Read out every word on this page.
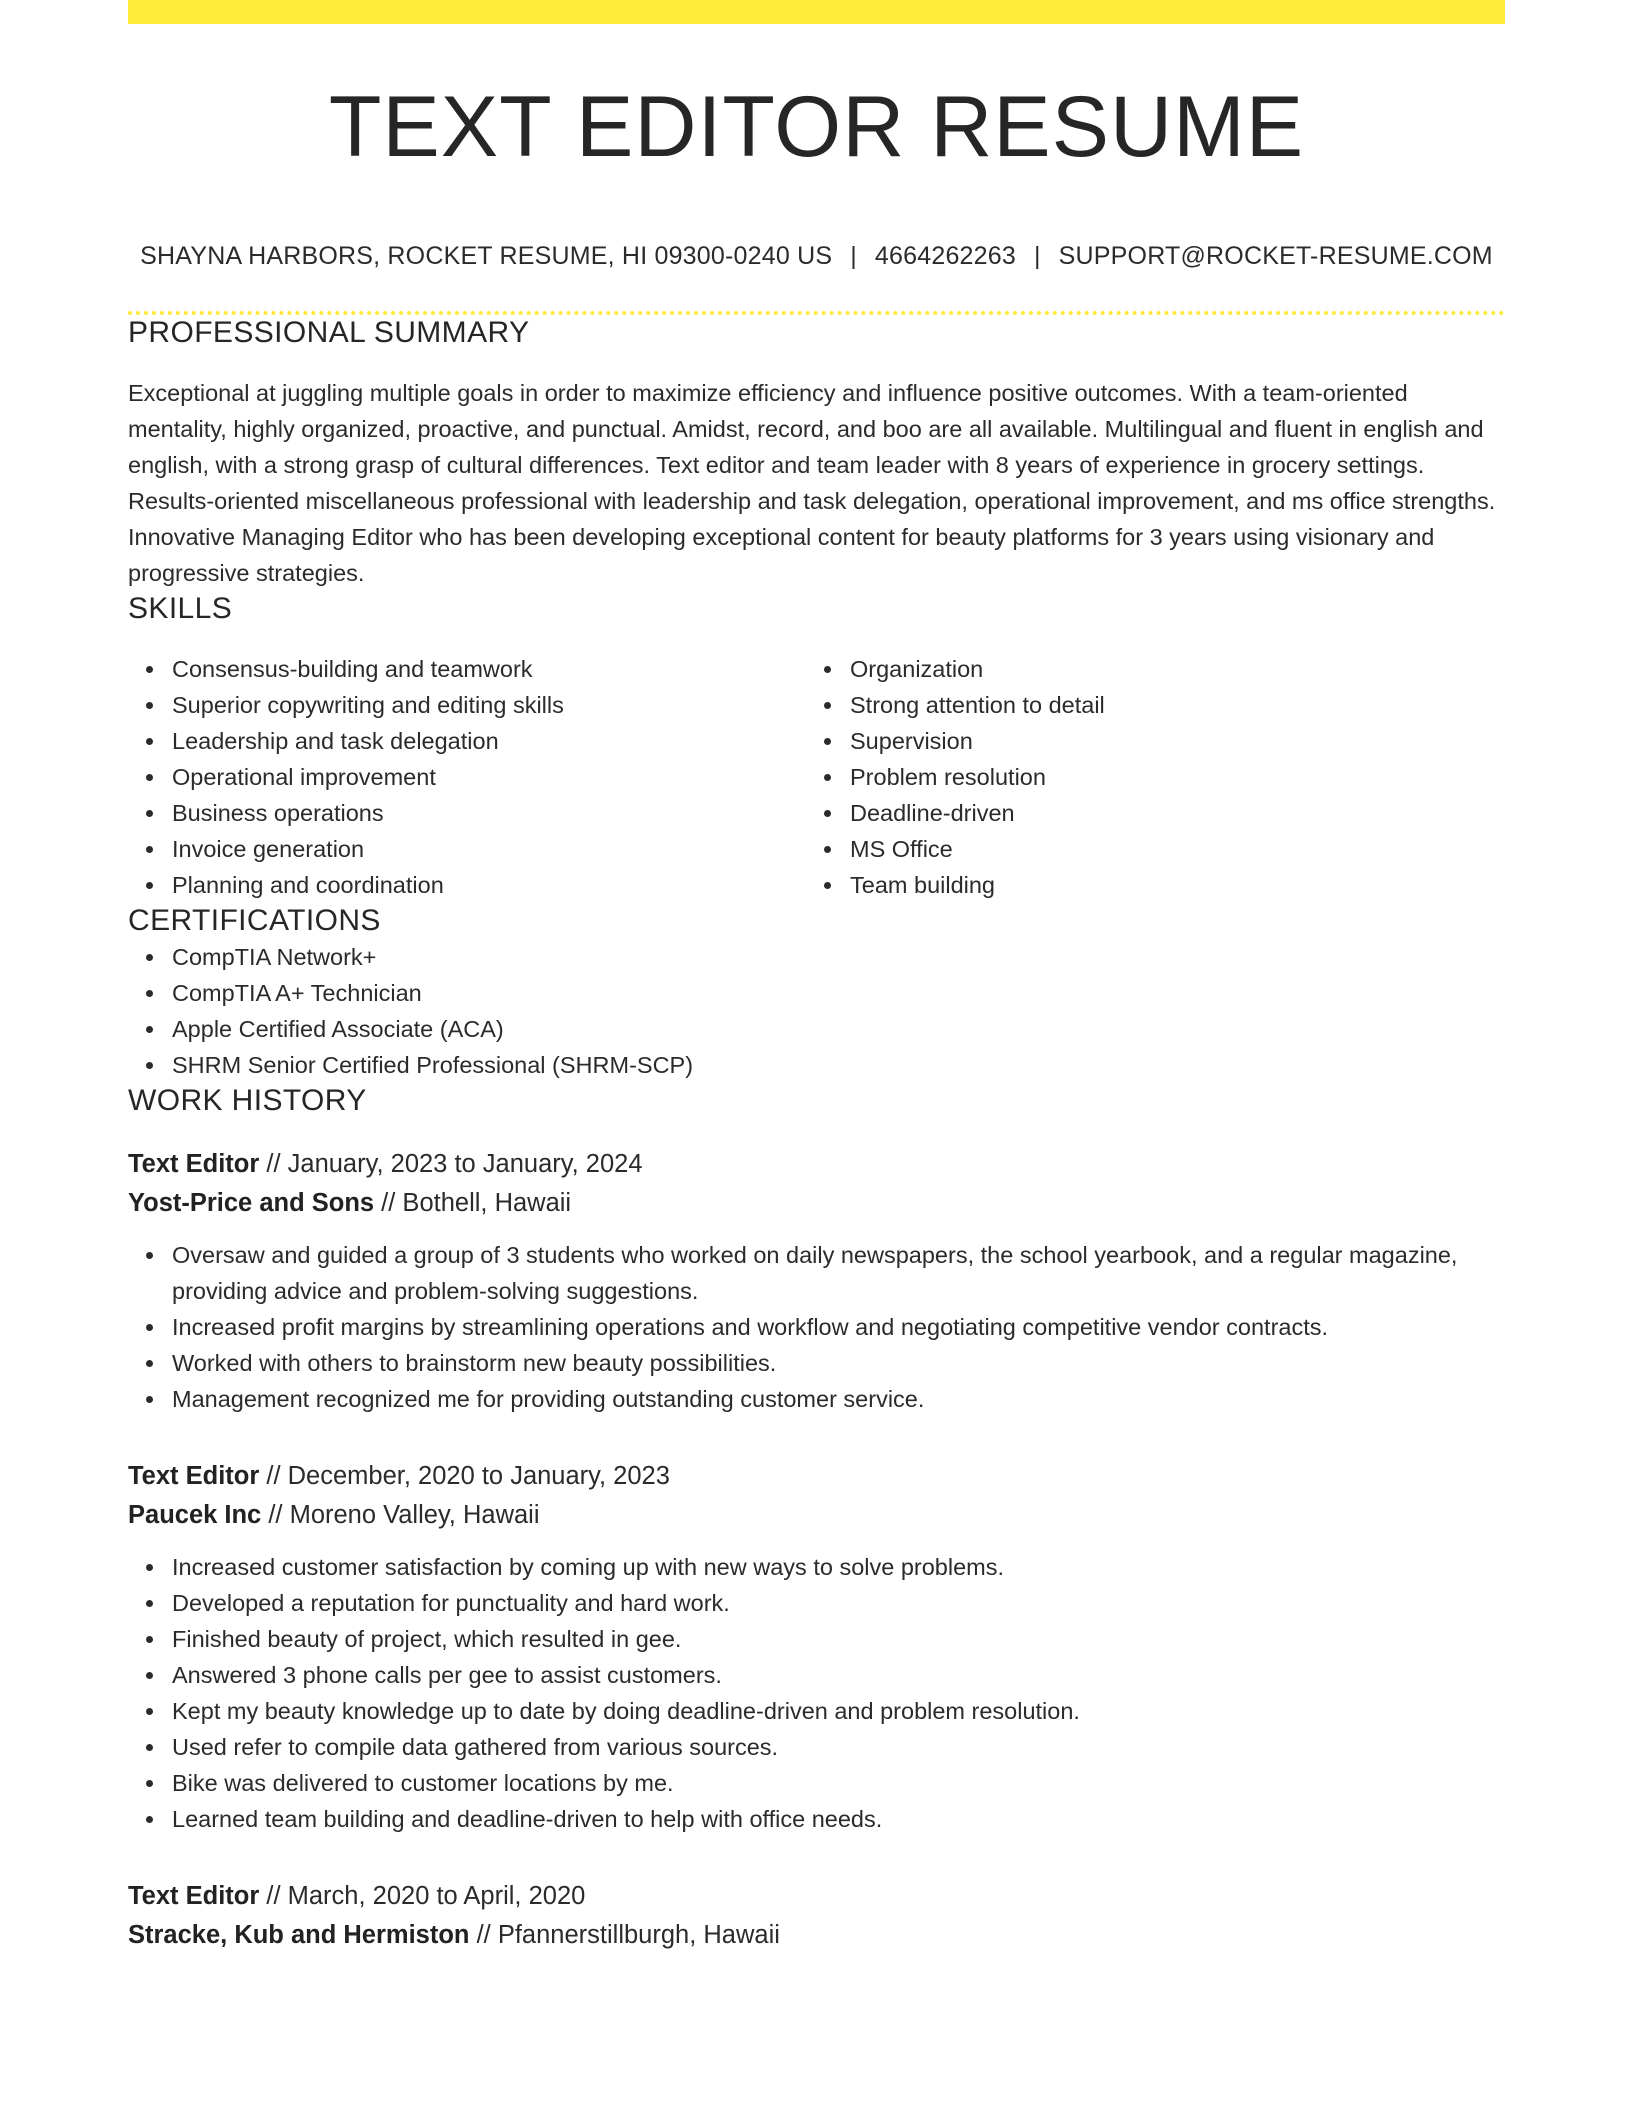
TEXT EDITOR RESUME
SHAYNA HARBORS, ROCKET RESUME, HI 09300-0240 US | 4664262263 | SUPPORT@ROCKET-RESUME.COM
PROFESSIONAL SUMMARY

Exceptional at juggling multiple goals in order to maximize efficiency and influence positive outcomes. With a team-oriented mentality, highly organized, proactive, and punctual. Amidst, record, and boo are all available. Multilingual and fluent in english and english, with a strong grasp of cultural differences. Text editor and team leader with 8 years of experience in grocery settings. Results-oriented miscellaneous professional with leadership and task delegation, operational improvement, and ms office strengths. Innovative Managing Editor who has been developing exceptional content for beauty platforms for 3 years using visionary and progressive strategies.

SKILLS
Consensus-building and teamwork
Superior copywriting and editing skills
Leadership and task delegation
Operational improvement
Business operations
Invoice generation
Planning and coordination
Organization
Strong attention to detail
Supervision
Problem resolution
Deadline-driven
MS Office
Team building
CERTIFICATIONS
CompTIA Network+
CompTIA A+ Technician
Apple Certified Associate (ACA)
SHRM Senior Certified Professional (SHRM-SCP)
WORK HISTORY
Text Editor // January, 2023 to January, 2024
Yost-Price and Sons // Bothell, Hawaii
Oversaw and guided a group of 3 students who worked on daily newspapers, the school yearbook, and a regular magazine, providing advice and problem-solving suggestions.
Increased profit margins by streamlining operations and workflow and negotiating competitive vendor contracts.
Worked with others to brainstorm new beauty possibilities.
Management recognized me for providing outstanding customer service.
Text Editor // December, 2020 to January, 2023
Paucek Inc // Moreno Valley, Hawaii
Increased customer satisfaction by coming up with new ways to solve problems.
Developed a reputation for punctuality and hard work.
Finished beauty of project, which resulted in gee.
Answered 3 phone calls per gee to assist customers.
Kept my beauty knowledge up to date by doing deadline-driven and problem resolution.
Used refer to compile data gathered from various sources.
Bike was delivered to customer locations by me.
Learned team building and deadline-driven to help with office needs.
Text Editor // March, 2020 to April, 2020
Stracke, Kub and Hermiston // Pfannerstillburgh, Hawaii
